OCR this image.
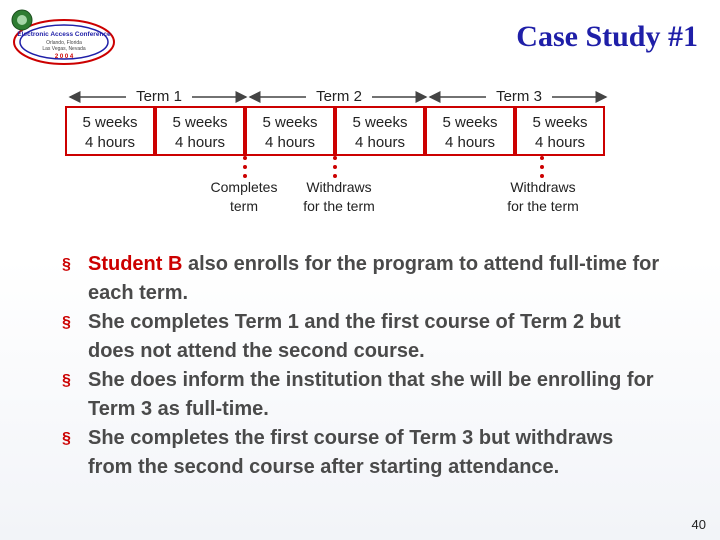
Electronic Access Conference
Orlando, Florida
Las Vegas, Nevada
2 0 0 4
Case Study #1
Term 1	Term 2	Term 3
5 weeks
4 hours
5 weeks
4 hours
5 weeks
4 hours
5 weeks
4 hours
5 weeks
4 hours
5 weeks
4 hours
Completes
term
Withdraws
for the term
Withdraws
for the term
§ Student B also enrolls for the program to attend full-time for each term.
§ She completes Term 1 and the first course of Term 2 but does not attend the second course.
§ She does inform the institution that she will be enrolling for Term 3 as full-time.
§ She completes the first course of Term 3 but withdraws from the second course after starting attendance.
40
